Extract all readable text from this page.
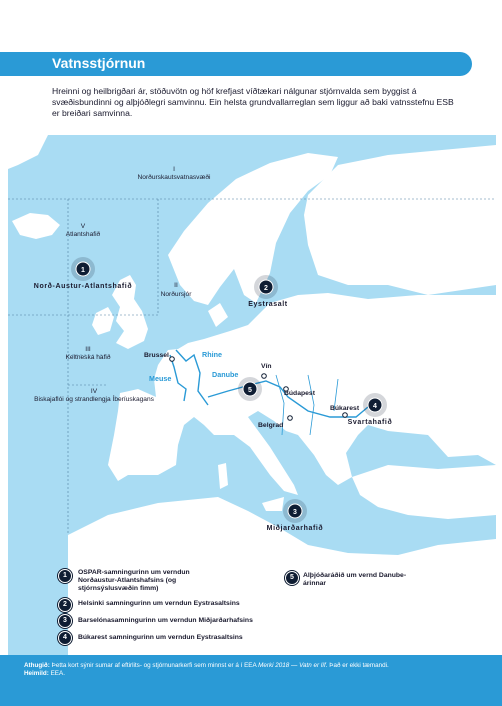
Vatnsstjórnun
Hreinni og heilbrigðari ár, stöðuvötn og höf krefjast víðtækari nálgunar stjórnvalda sem byggist á svæðisbundinni og alþjóðlegri samvinnu. Ein helsta grundvallarreglan sem liggur að baki vatnsstefnu ESB er breiðari samvinna.
Brussel
Vín
Búdapest
Búkarest
Belgrad
Rhine
Meuse	Danube
I
Norðurskautsvatnasvæði
II
Norðursjór
III
Keltneska hafið
IV
Biskajaflói og strandlengja Íberíuskagans
V
Atlantshafið
1
Norð-Austur-Atlantshafið	2
Eystrasalt
3
Miðjarðarhafið
4
Svartahafið
5
1	OSPAR-samningurinn um verndun Norðaustur-Atlantshafsins (og stjórnsýslusvæðin fimm)
2	Helsinki samningurinn um verndun Eystrasaltsins
3	Barselónasamningurinn um verndun Miðjarðarhafsins
4	Búkarest samningurinn um verndun Eystrasaltsins
5	Alþjóðaráðið um vernd Danube-árinnar
Athugið: Þetta kort sýnir sumar af eftirlits- og stjórnunarkerfi sem minnst er á í EEA Merki 2018 — Vatn er líf. Það er ekki tæmandi.
Heimild: EEA.
